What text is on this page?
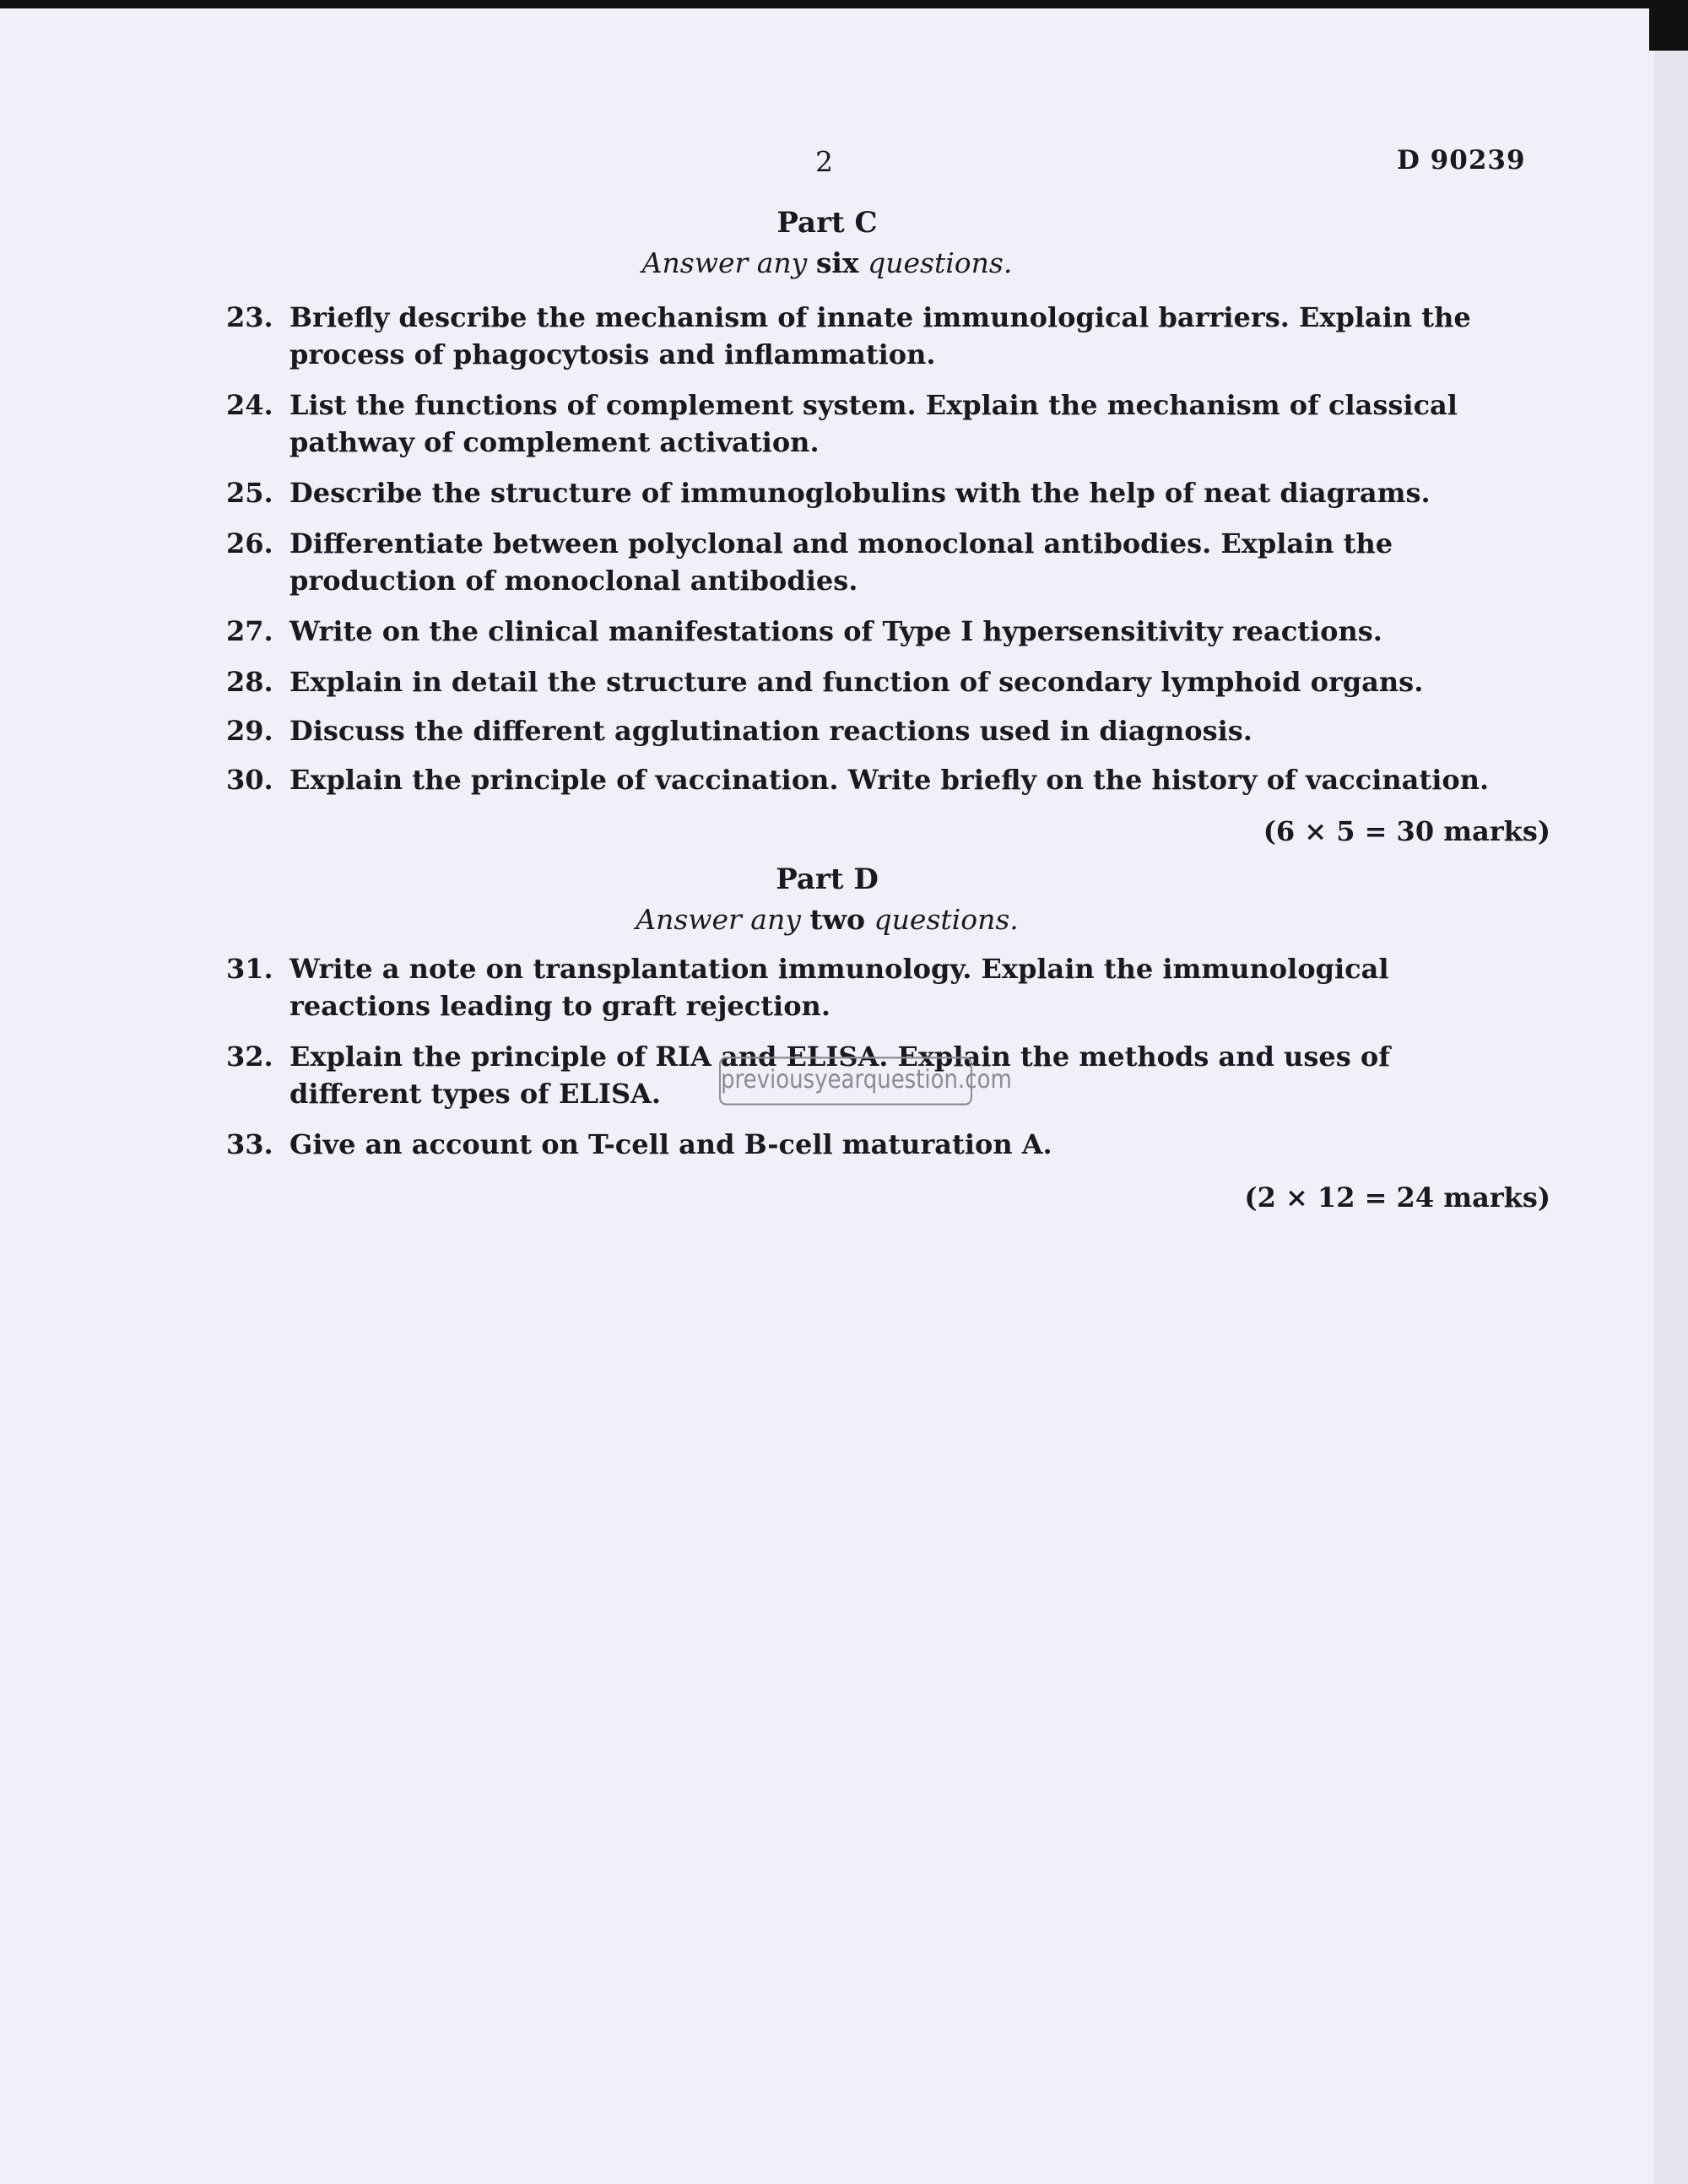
2	D 90239
Part C
Answer any six questions.
23. Briefly describe the mechanism of innate immunological barriers. Explain the process of phagocytosis and inflammation.
24. List the functions of complement system. Explain the mechanism of classical pathway of complement activation.
25. Describe the structure of immunoglobulins with the help of neat diagrams.
26. Differentiate between polyclonal and monoclonal antibodies. Explain the production of monoclonal antibodies.
27. Write on the clinical manifestations of Type I hypersensitivity reactions.
28. Explain in detail the structure and function of secondary lymphoid organs.
29. Discuss the different agglutination reactions used in diagnosis.
30. Explain the principle of vaccination. Write briefly on the history of vaccination.
(6 × 5 = 30 marks)
Part D
Answer any two questions.
31. Write a note on transplantation immunology. Explain the immunological reactions leading to graft rejection.
32. Explain the principle of RIA and ELISA. Explain the methods and uses of different types of ELISA.
33. Give an account on T-cell and B-cell maturation A.
(2 × 12 = 24 marks)
previousyearquestion.com
